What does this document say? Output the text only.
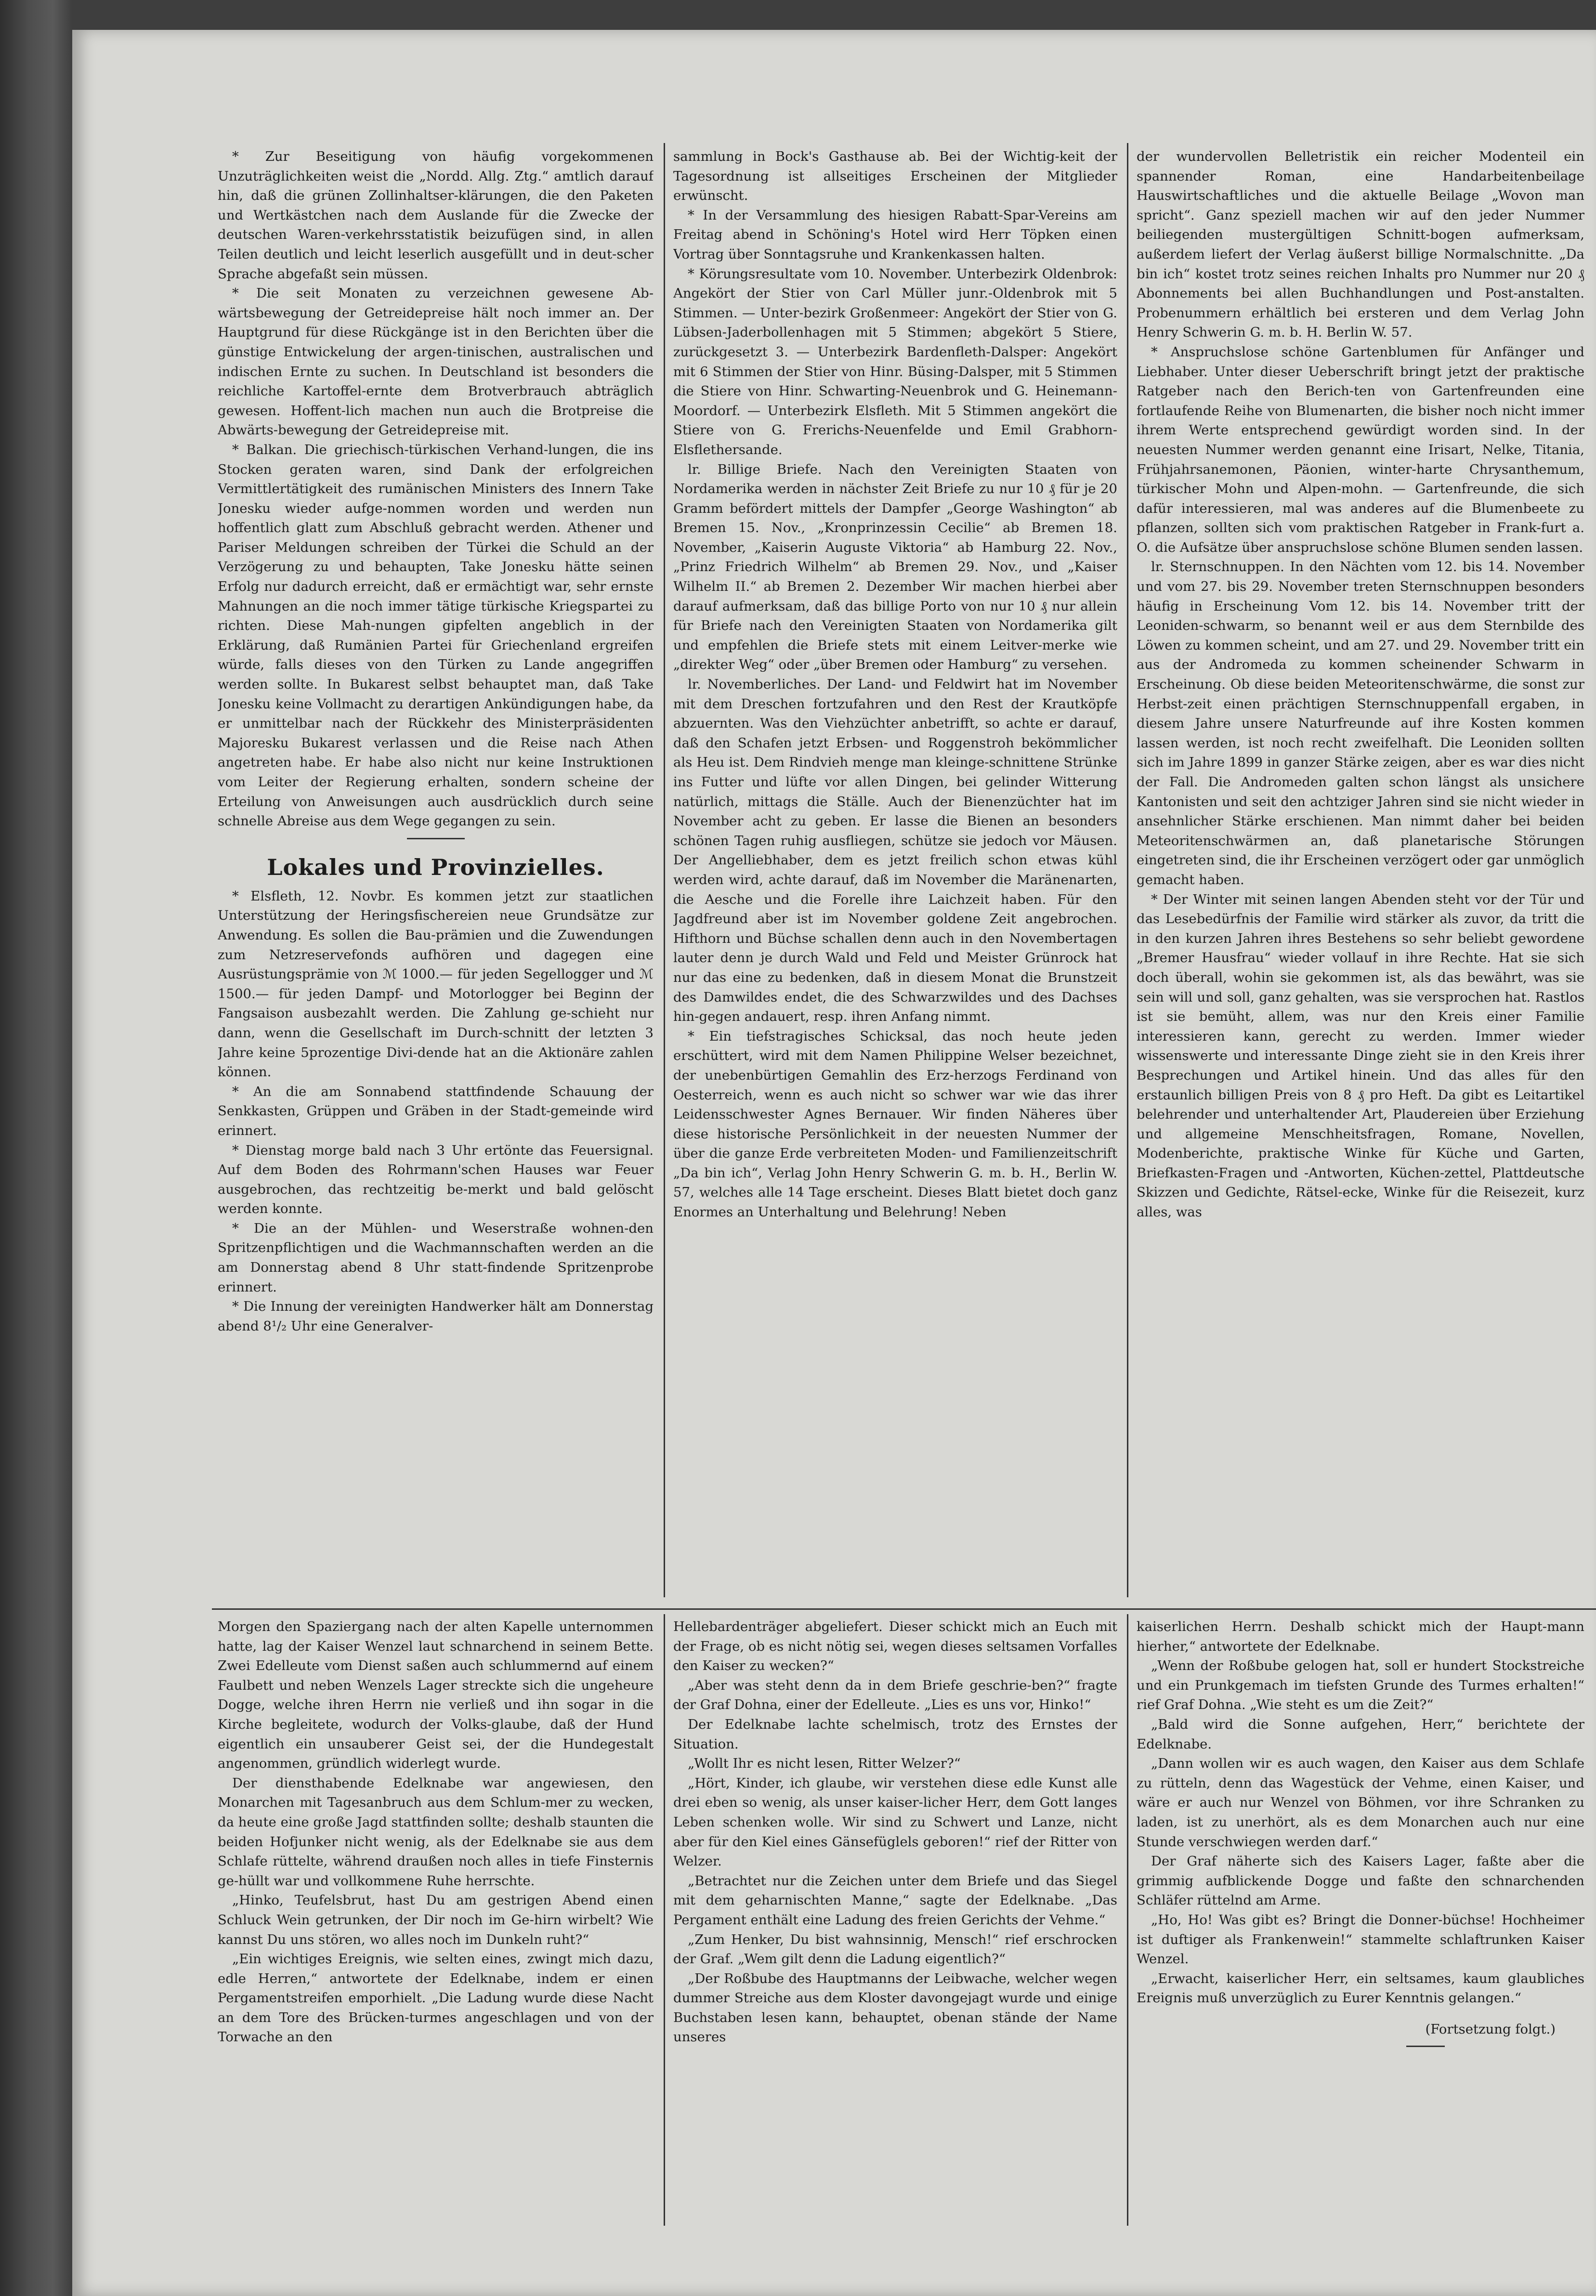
* Zur Beseitigung von häufig vorgekommenen Unzuträglichkeiten weist die „Nordd. Allg. Ztg.“ amtlich darauf hin, daß die grünen Zollinhaltser-klärungen, die den Paketen und Wertkästchen nach dem Auslande für die Zwecke der deutschen Waren-verkehrsstatistik beizufügen sind, in allen Teilen deutlich und leicht leserlich ausgefüllt und in deut-scher Sprache abgefaßt sein müssen.

* Die seit Monaten zu verzeichnen gewesene Ab-wärtsbewegung der Getreidepreise hält noch immer an. Der Hauptgrund für diese Rückgänge ist in den Berichten über die günstige Entwickelung der argen-tinischen, australischen und indischen Ernte zu suchen. In Deutschland ist besonders die reichliche Kartoffel-ernte dem Brotverbrauch abträglich gewesen. Hoffent-lich machen nun auch die Brotpreise die Abwärts-bewegung der Getreidepreise mit.

* Balkan. Die griechisch-türkischen Verhand-lungen, die ins Stocken geraten waren, sind Dank der erfolgreichen Vermittlertätigkeit des rumänischen Ministers des Innern Take Jonesku wieder aufge-nommen worden und werden nun hoffentlich glatt zum Abschluß gebracht werden. Athener und Pariser Meldungen schreiben der Türkei die Schuld an der Verzögerung zu und behaupten, Take Jonesku hätte seinen Erfolg nur dadurch erreicht, daß er ermächtigt war, sehr ernste Mahnungen an die noch immer tätige türkische Kriegspartei zu richten. Diese Mah-nungen gipfelten angeblich in der Erklärung, daß Rumänien Partei für Griechenland ergreifen würde, falls dieses von den Türken zu Lande angegriffen werden sollte. In Bukarest selbst behauptet man, daß Take Jonesku keine Vollmacht zu derartigen Ankündigungen habe, da er unmittelbar nach der Rückkehr des Ministerpräsidenten Majoresku Bukarest verlassen und die Reise nach Athen angetreten habe. Er habe also nicht nur keine Instruktionen vom Leiter der Regierung erhalten, sondern scheine der Erteilung von Anweisungen auch ausdrücklich durch seine schnelle Abreise aus dem Wege gegangen zu sein.

Lokales und Provinzielles.

* Elsfleth, 12. Novbr. Es kommen jetzt zur staatlichen Unterstützung der Heringsfischereien neue Grundsätze zur Anwendung. Es sollen die Bau-prämien und die Zuwendungen zum Netzreservefonds aufhören und dagegen eine Ausrüstungsprämie von ℳ 1000.— für jeden Segellogger und ℳ 1500.— für jeden Dampf- und Motorlogger bei Beginn der Fangsaison ausbezahlt werden. Die Zahlung ge-schieht nur dann, wenn die Gesellschaft im Durch-schnitt der letzten 3 Jahre keine 5prozentige Divi-dende hat an die Aktionäre zahlen können.

* An die am Sonnabend stattfindende Schauung der Senkkasten, Grüppen und Gräben in der Stadt-gemeinde wird erinnert.

* Dienstag morge bald nach 3 Uhr ertönte das Feuersignal. Auf dem Boden des Rohrmann'schen Hauses war Feuer ausgebrochen, das rechtzeitig be-merkt und bald gelöscht werden konnte.

* Die an der Mühlen- und Weserstraße wohnen-den Spritzenpflichtigen und die Wachmannschaften werden an die am Donnerstag abend 8 Uhr statt-findende Spritzenprobe erinnert.

* Die Innung der vereinigten Handwerker hält am Donnerstag abend 8¹/₂ Uhr eine Generalver-

sammlung in Bock's Gasthause ab. Bei der Wichtig-keit der Tagesordnung ist allseitiges Erscheinen der Mitglieder erwünscht.

* In der Versammlung des hiesigen Rabatt-Spar-Vereins am Freitag abend in Schöning's Hotel wird Herr Töpken einen Vortrag über Sonntagsruhe und Krankenkassen halten.

* Körungsresultate vom 10. November. Unterbezirk Oldenbrok: Angekört der Stier von Carl Müller junr.-Oldenbrok mit 5 Stimmen. — Unter-bezirk Großenmeer: Angekört der Stier von G. Lübsen-Jaderbollenhagen mit 5 Stimmen; abgekört 5 Stiere, zurückgesetzt 3. — Unterbezirk Bardenfleth-Dalsper: Angekört mit 6 Stimmen der Stier von Hinr. Büsing-Dalsper, mit 5 Stimmen die Stiere von Hinr. Schwarting-Neuenbrok und G. Heinemann-Moordorf. — Unterbezirk Elsfleth. Mit 5 Stimmen angekört die Stiere von G. Frerichs-Neuenfelde und Emil Grabhorn-Elsflethersande.

lr. Billige Briefe. Nach den Vereinigten Staaten von Nordamerika werden in nächster Zeit Briefe zu nur 10 ₰ für je 20 Gramm befördert mittels der Dampfer „George Washington“ ab Bremen 15. Nov., „Kronprinzessin Cecilie“ ab Bremen 18. November, „Kaiserin Auguste Viktoria“ ab Hamburg 22. Nov., „Prinz Friedrich Wilhelm“ ab Bremen 29. Nov., und „Kaiser Wilhelm II.“ ab Bremen 2. Dezember Wir machen hierbei aber darauf aufmerksam, daß das billige Porto von nur 10 ₰ nur allein für Briefe nach den Vereinigten Staaten von Nordamerika gilt und empfehlen die Briefe stets mit einem Leitver-merke wie „direkter Weg“ oder „über Bremen oder Hamburg“ zu versehen.

lr. Novemberliches. Der Land- und Feldwirt hat im November mit dem Dreschen fortzufahren und den Rest der Krautköpfe abzuernten. Was den Viehzüchter anbetrifft, so achte er darauf, daß den Schafen jetzt Erbsen- und Roggenstroh bekömmlicher als Heu ist. Dem Rindvieh menge man kleinge-schnittene Strünke ins Futter und lüfte vor allen Dingen, bei gelinder Witterung natürlich, mittags die Ställe. Auch der Bienenzüchter hat im November acht zu geben. Er lasse die Bienen an besonders schönen Tagen ruhig ausfliegen, schütze sie jedoch vor Mäusen. Der Angelliebhaber, dem es jetzt freilich schon etwas kühl werden wird, achte darauf, daß im November die Maränenarten, die Aesche und die Forelle ihre Laichzeit haben. Für den Jagdfreund aber ist im November goldene Zeit angebrochen. Hifthorn und Büchse schallen denn auch in den Novembertagen lauter denn je durch Wald und Feld und Meister Grünrock hat nur das eine zu bedenken, daß in diesem Monat die Brunstzeit des Damwildes endet, die des Schwarzwildes und des Dachses hin-gegen andauert, resp. ihren Anfang nimmt.

* Ein tiefstragisches Schicksal, das noch heute jeden erschüttert, wird mit dem Namen Philippine Welser bezeichnet, der unebenbürtigen Gemahlin des Erz-herzogs Ferdinand von Oesterreich, wenn es auch nicht so schwer war wie das ihrer Leidensschwester Agnes Bernauer. Wir finden Näheres über diese historische Persönlichkeit in der neuesten Nummer der über die ganze Erde verbreiteten Moden- und Familienzeitschrift „Da bin ich“, Verlag John Henry Schwerin G. m. b. H., Berlin W. 57, welches alle 14 Tage erscheint. Dieses Blatt bietet doch ganz Enormes an Unterhaltung und Belehrung! Neben

der wundervollen Belletristik ein reicher Modenteil ein spannender Roman, eine Handarbeitenbeilage Hauswirtschaftliches und die aktuelle Beilage „Wovon man spricht“. Ganz speziell machen wir auf den jeder Nummer beiliegenden mustergültigen Schnitt-bogen aufmerksam, außerdem liefert der Verlag äußerst billige Normalschnitte. „Da bin ich“ kostet trotz seines reichen Inhalts pro Nummer nur 20 ₰ Abonnements bei allen Buchhandlungen und Post-anstalten. Probenummern erhältlich bei ersteren und dem Verlag John Henry Schwerin G. m. b. H. Berlin W. 57.

* Anspruchslose schöne Gartenblumen für Anfänger und Liebhaber. Unter dieser Ueberschrift bringt jetzt der praktische Ratgeber nach den Berich-ten von Gartenfreunden eine fortlaufende Reihe von Blumenarten, die bisher noch nicht immer ihrem Werte entsprechend gewürdigt worden sind. In der neuesten Nummer werden genannt eine Irisart, Nelke, Titania, Frühjahrsanemonen, Päonien, winter-harte Chrysanthemum, türkischer Mohn und Alpen-mohn. — Gartenfreunde, die sich dafür interessieren, mal was anderes auf die Blumenbeete zu pflanzen, sollten sich vom praktischen Ratgeber in Frank-furt a. O. die Aufsätze über anspruchslose schöne Blumen senden lassen.

lr. Sternschnuppen. In den Nächten vom 12. bis 14. November und vom 27. bis 29. November treten Sternschnuppen besonders häufig in Erscheinung Vom 12. bis 14. November tritt der Leoniden-schwarm, so benannt weil er aus dem Sternbilde des Löwen zu kommen scheint, und am 27. und 29. November tritt ein aus der Andromeda zu kommen scheinender Schwarm in Erscheinung. Ob diese beiden Meteoritenschwärme, die sonst zur Herbst-zeit einen prächtigen Sternschnuppenfall ergaben, in diesem Jahre unsere Naturfreunde auf ihre Kosten kommen lassen werden, ist noch recht zweifelhaft. Die Leoniden sollten sich im Jahre 1899 in ganzer Stärke zeigen, aber es war dies nicht der Fall. Die Andromeden galten schon längst als unsichere Kantonisten und seit den achtziger Jahren sind sie nicht wieder in ansehnlicher Stärke erschienen. Man nimmt daher bei beiden Meteoritenschwärmen an, daß planetarische Störungen eingetreten sind, die ihr Erscheinen verzögert oder gar unmöglich gemacht haben.

* Der Winter mit seinen langen Abenden steht vor der Tür und das Lesebedürfnis der Familie wird stärker als zuvor, da tritt die in den kurzen Jahren ihres Bestehens so sehr beliebt gewordene „Bremer Hausfrau“ wieder vollauf in ihre Rechte. Hat sie sich doch überall, wohin sie gekommen ist, als das bewährt, was sie sein will und soll, ganz gehalten, was sie versprochen hat. Rastlos ist sie bemüht, allem, was nur den Kreis einer Familie interessieren kann, gerecht zu werden. Immer wieder wissenswerte und interessante Dinge zieht sie in den Kreis ihrer Besprechungen und Artikel hinein. Und das alles für den erstaunlich billigen Preis von 8 ₰ pro Heft. Da gibt es Leitartikel belehrender und unterhaltender Art, Plaudereien über Erziehung und allgemeine Menschheitsfragen, Romane, Novellen, Modenberichte, praktische Winke für Küche und Garten, Briefkasten-Fragen und -Antworten, Küchen-zettel, Plattdeutsche Skizzen und Gedichte, Rätsel-ecke, Winke für die Reisezeit, kurz alles, was

Morgen den Spaziergang nach der alten Kapelle unternommen hatte, lag der Kaiser Wenzel laut schnarchend in seinem Bette. Zwei Edelleute vom Dienst saßen auch schlummernd auf einem Faulbett und neben Wenzels Lager streckte sich die ungeheure Dogge, welche ihren Herrn nie verließ und ihn sogar in die Kirche begleitete, wodurch der Volks-glaube, daß der Hund eigentlich ein unsauberer Geist sei, der die Hundegestalt angenommen, gründlich widerlegt wurde.

Der diensthabende Edelknabe war angewiesen, den Monarchen mit Tagesanbruch aus dem Schlum-mer zu wecken, da heute eine große Jagd stattfinden sollte; deshalb staunten die beiden Hofjunker nicht wenig, als der Edelknabe sie aus dem Schlafe rüttelte, während draußen noch alles in tiefe Finsternis ge-hüllt war und vollkommene Ruhe herrschte.

„Hinko, Teufelsbrut, hast Du am gestrigen Abend einen Schluck Wein getrunken, der Dir noch im Ge-hirn wirbelt? Wie kannst Du uns stören, wo alles noch im Dunkeln ruht?“

„Ein wichtiges Ereignis, wie selten eines, zwingt mich dazu, edle Herren,“ antwortete der Edelknabe, indem er einen Pergamentstreifen emporhielt. „Die Ladung wurde diese Nacht an dem Tore des Brücken-turmes angeschlagen und von der Torwache an den

Hellebardenträger abgeliefert. Dieser schickt mich an Euch mit der Frage, ob es nicht nötig sei, wegen dieses seltsamen Vorfalles den Kaiser zu wecken?“

„Aber was steht denn da in dem Briefe geschrie-ben?“ fragte der Graf Dohna, einer der Edelleute. „Lies es uns vor, Hinko!“

Der Edelknabe lachte schelmisch, trotz des Ernstes der Situation.

„Wollt Ihr es nicht lesen, Ritter Welzer?“

„Hört, Kinder, ich glaube, wir verstehen diese edle Kunst alle drei eben so wenig, als unser kaiser-licher Herr, dem Gott langes Leben schenken wolle. Wir sind zu Schwert und Lanze, nicht aber für den Kiel eines Gänsefüglels geboren!“ rief der Ritter von Welzer.

„Betrachtet nur die Zeichen unter dem Briefe und das Siegel mit dem geharnischten Manne,“ sagte der Edelknabe. „Das Pergament enthält eine Ladung des freien Gerichts der Vehme.“

„Zum Henker, Du bist wahnsinnig, Mensch!“ rief erschrocken der Graf. „Wem gilt denn die Ladung eigentlich?“

„Der Roßbube des Hauptmanns der Leibwache, welcher wegen dummer Streiche aus dem Kloster davongejagt wurde und einige Buchstaben lesen kann, behauptet, obenan stände der Name unseres

kaiserlichen Herrn. Deshalb schickt mich der Haupt-mann hierher,“ antwortete der Edelknabe.

„Wenn der Roßbube gelogen hat, soll er hundert Stockstreiche und ein Prunkgemach im tiefsten Grunde des Turmes erhalten!“ rief Graf Dohna. „Wie steht es um die Zeit?“

„Bald wird die Sonne aufgehen, Herr,“ berichtete der Edelknabe.

„Dann wollen wir es auch wagen, den Kaiser aus dem Schlafe zu rütteln, denn das Wagestück der Vehme, einen Kaiser, und wäre er auch nur Wenzel von Böhmen, vor ihre Schranken zu laden, ist zu unerhört, als es dem Monarchen auch nur eine Stunde verschwiegen werden darf.“

Der Graf näherte sich des Kaisers Lager, faßte aber die grimmig aufblickende Dogge und faßte den schnarchenden Schläfer rüttelnd am Arme.

„Ho, Ho! Was gibt es? Bringt die Donner-büchse! Hochheimer ist duftiger als Frankenwein!“ stammelte schlaftrunken Kaiser Wenzel.

„Erwacht, kaiserlicher Herr, ein seltsames, kaum glaubliches Ereignis muß unverzüglich zu Eurer Kenntnis gelangen.“

(Fortsetzung folgt.)
